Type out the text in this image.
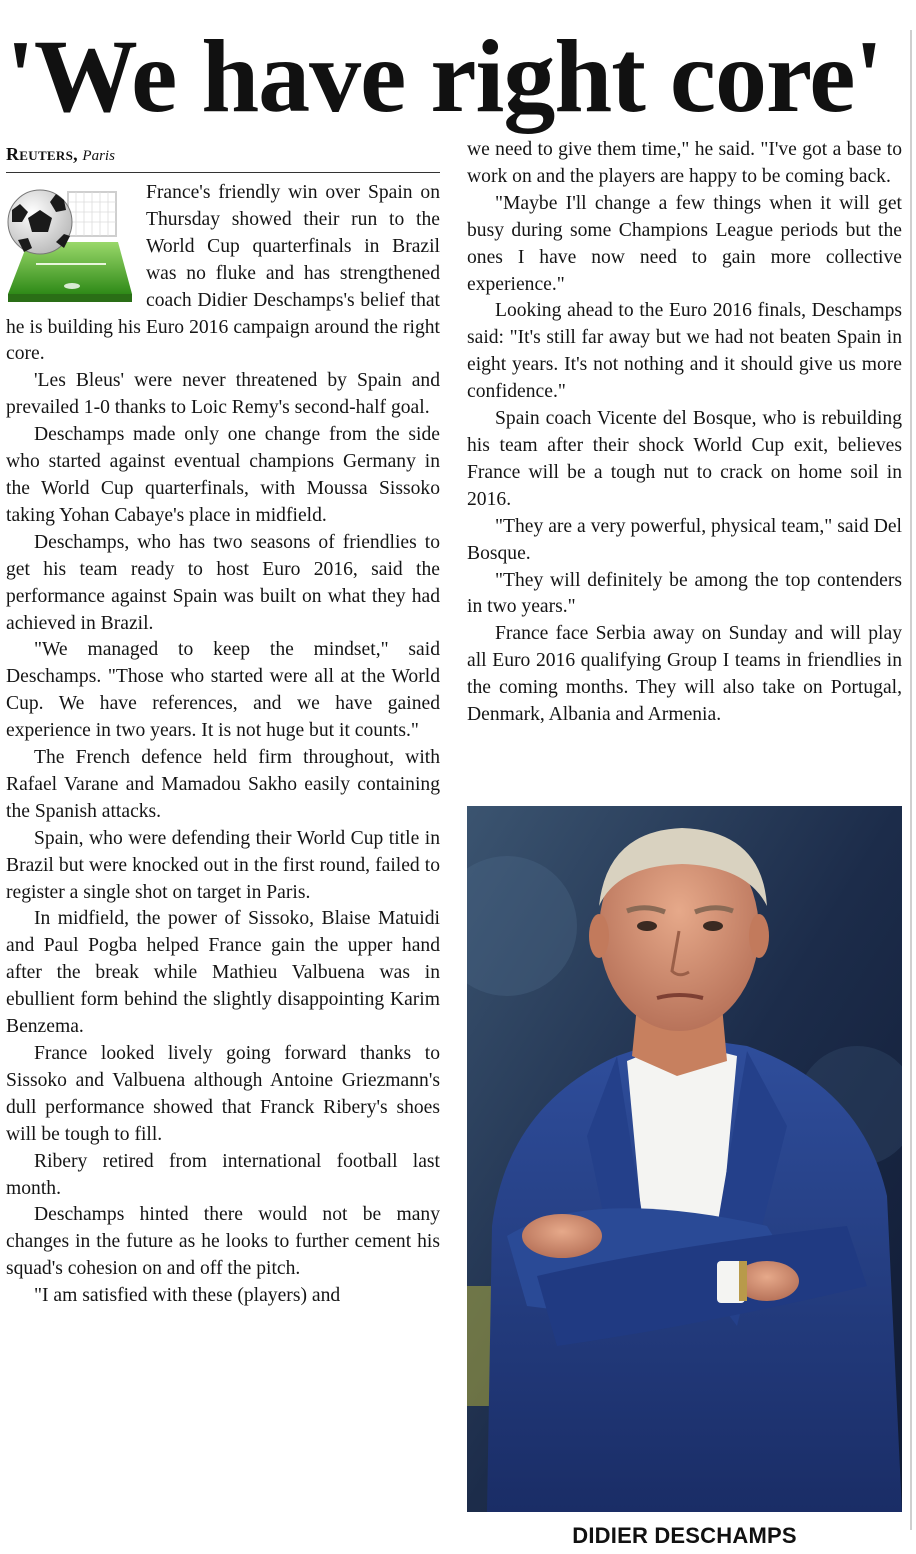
'We have right core'
Reuters, Paris

France's friendly win over Spain on Thursday showed their run to the World Cup quarterfinals in Brazil was no fluke and has strengthened coach Didier Deschamps's belief that he is building his Euro 2016 campaign around the right core.

'Les Bleus' were never threatened by Spain and prevailed 1-0 thanks to Loic Remy's second-half goal.

Deschamps made only one change from the side who started against eventual champions Germany in the World Cup quarterfinals, with Moussa Sissoko taking Yohan Cabaye's place in midfield.

Deschamps, who has two seasons of friendlies to get his team ready to host Euro 2016, said the performance against Spain was built on what they had achieved in Brazil.

"We managed to keep the mindset," said Deschamps. "Those who started were all at the World Cup. We have references, and we have gained experience in two years. It is not huge but it counts."

The French defence held firm throughout, with Rafael Varane and Mamadou Sakho easily containing the Spanish attacks.

Spain, who were defending their World Cup title in Brazil but were knocked out in the first round, failed to register a single shot on target in Paris.

In midfield, the power of Sissoko, Blaise Matuidi and Paul Pogba helped France gain the upper hand after the break while Mathieu Valbuena was in ebullient form behind the slightly disappointing Karim Benzema.

France looked lively going forward thanks to Sissoko and Valbuena although Antoine Griezmann's dull performance showed that Franck Ribery's shoes will be tough to fill.

Ribery retired from international football last month.

Deschamps hinted there would not be many changes in the future as he looks to further cement his squad's cohesion on and off the pitch.

"I am satisfied with these (players) and

we need to give them time," he said. "I've got a base to work on and the players are happy to be coming back.

"Maybe I'll change a few things when it will get busy during some Champions League periods but the ones I have now need to gain more collective experience."

Looking ahead to the Euro 2016 finals, Deschamps said: "It's still far away but we had not beaten Spain in eight years. It's not nothing and it should give us more confidence."

Spain coach Vicente del Bosque, who is rebuilding his team after their shock World Cup exit, believes France will be a tough nut to crack on home soil in 2016.

"They are a very powerful, physical team," said Del Bosque.

"They will definitely be among the top contenders in two years."

France face Serbia away on Sunday and will play all Euro 2016 qualifying Group I teams in friendlies in the coming months. They will also take on Portugal, Denmark, Albania and Armenia.

DIDIER DESCHAMPS
